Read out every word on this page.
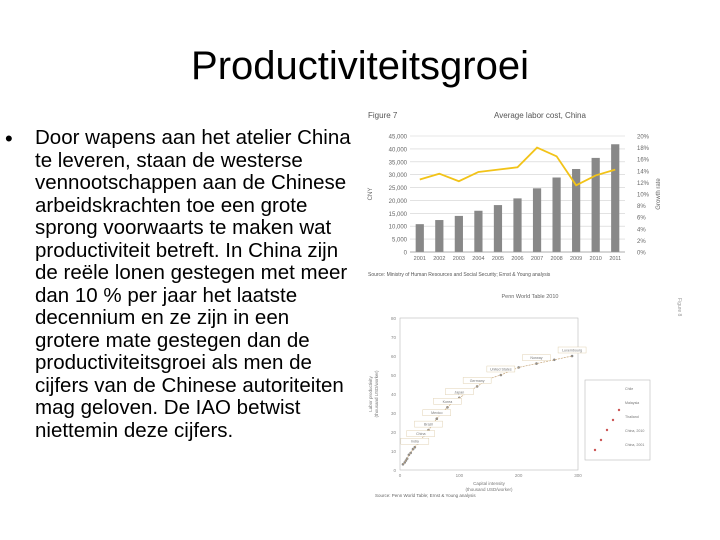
Productiviteitsgroei
• Door wapens aan het atelier China te leveren, staan de westerse vennootschappen aan de Chinese arbeidskrachten toe een grote sprong voorwaarts te maken wat productiviteit betreft. In China zijn de reële lonen gestegen met meer dan 10 % per jaar het laatste decennium en ze zijn in een grotere mate gestegen dan de productiviteitsgroei als men de cijfers van de Chinese autoriteiten mag geloven. De IAO betwist niettemin deze cijfers.
Figure 7	Average labor cost, China
0
5,000
10,000
15,000
20,000
25,000
30,000
35,000
40,000
45,000
0%
2%
4%
6%
8%
10%
12%
14%
16%
18%
20%
CNY	Growth rate
2001 2002 2003 2004 2005 2006 2007 2008 2009 2010 2011
Source: Ministry of Human Resources and Social Security; Ernst & Young analysis
Penn World Table 2010
Figure 8
0
10
20
30
40
50
60
70
80
0	100	200	300
Luxembourg
Norway
United States
Germany
Japan
Korea
Mexico
Brazil
China
India
Chile
Malaysia
Thailand
China, 2010
China, 2001
Labor productivity (thousand USD/worker)
Capital intensity
(thousand USD/worker)
Source: Penn World Table; Ernst & Young analysis
